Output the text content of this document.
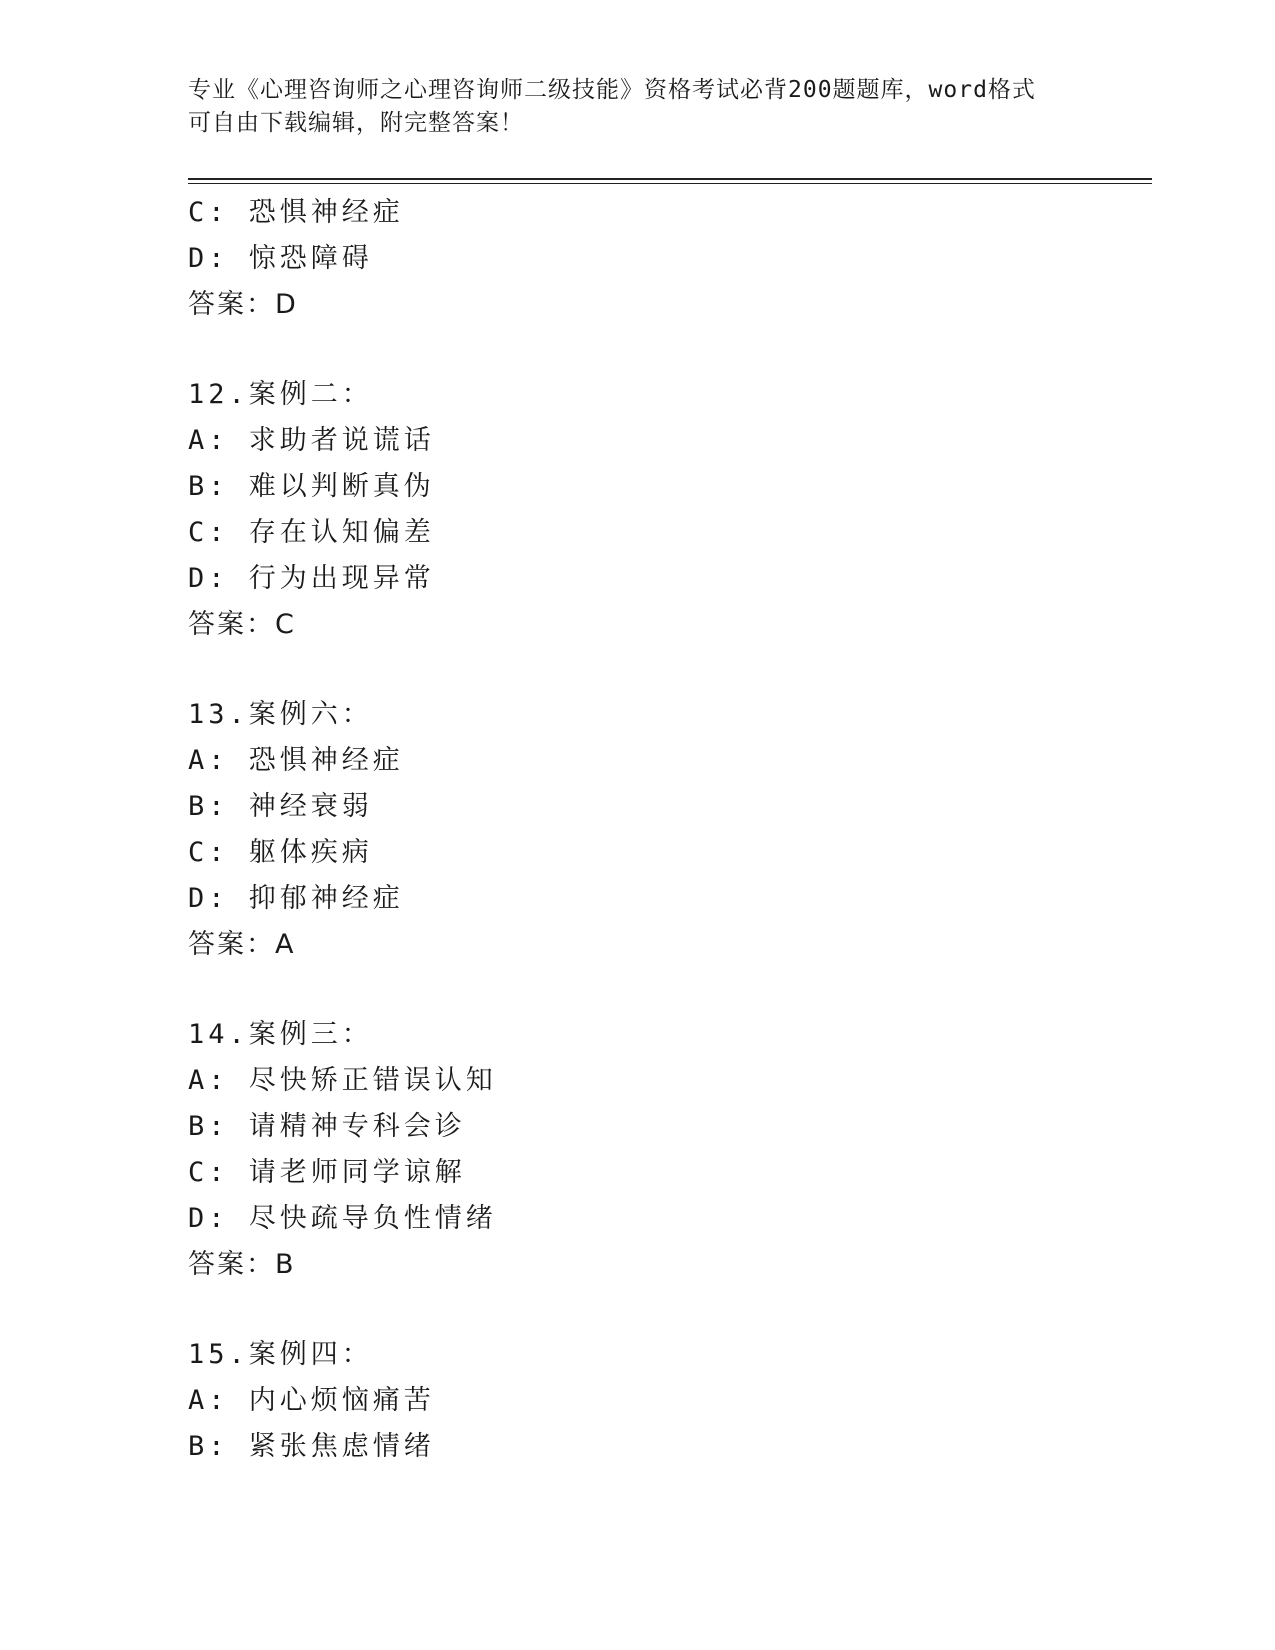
专业《心理咨询师之心理咨询师二级技能》资格考试必背200题题库，word格式
可自由下载编辑，附完整答案！
C: 恐惧神经症
D: 惊恐障碍
答案：D
12.案例二：
A: 求助者说谎话
B: 难以判断真伪
C: 存在认知偏差
D: 行为出现异常
答案：C
13.案例六：
A: 恐惧神经症
B: 神经衰弱
C: 躯体疾病
D: 抑郁神经症
答案：A
14.案例三：
A: 尽快矫正错误认知
B: 请精神专科会诊
C: 请老师同学谅解
D: 尽快疏导负性情绪
答案：B
15.案例四：
A: 内心烦恼痛苦
B: 紧张焦虑情绪
